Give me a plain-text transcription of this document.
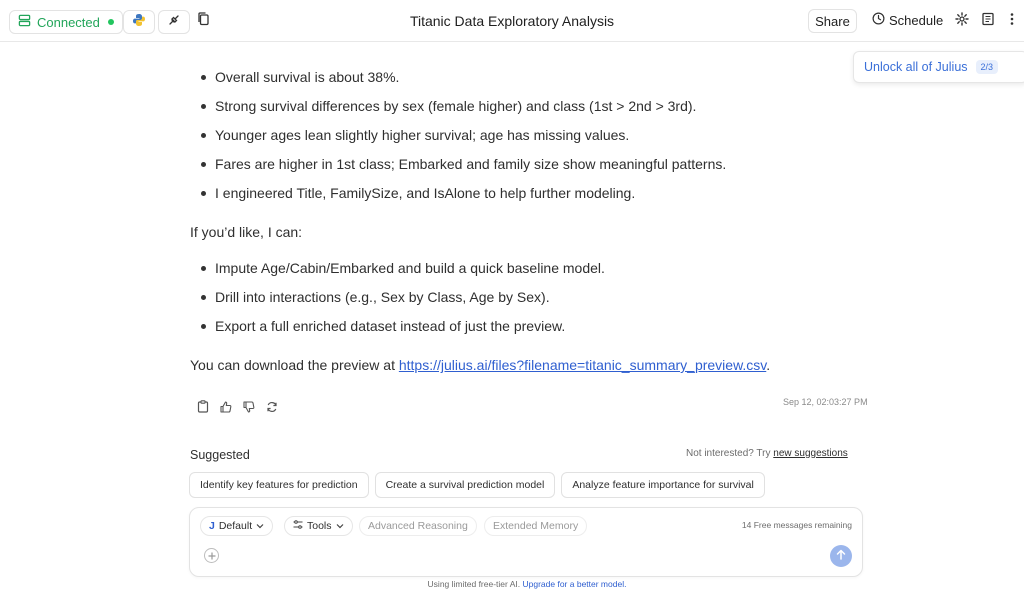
Connected	Titanic Data Exploratory Analysis	Share	Schedule
Unlock all of Julius	2/3
Overall survival is about 38%.
Strong survival differences by sex (female higher) and class (1st > 2nd > 3rd).
Younger ages lean slightly higher survival; age has missing values.
Fares are higher in 1st class; Embarked and family size show meaningful patterns.
I engineered Title, FamilySize, and IsAlone to help further modeling.
If you’d like, I can:
Impute Age/Cabin/Embarked and build a quick baseline model.
Drill into interactions (e.g., Sex by Class, Age by Sex).
Export a full enriched dataset instead of just the preview.
You can download the preview at https://julius.ai/files?filename=titanic_summary_preview.csv.
Sep 12, 02:03:27 PM
Suggested	Not interested? Try new suggestions
Identify key features for prediction	Create a survival prediction model	Analyze feature importance for survival
J Default	Tools	Advanced Reasoning	Extended Memory	14 Free messages remaining
Using limited free-tier AI. Upgrade for a better model.
